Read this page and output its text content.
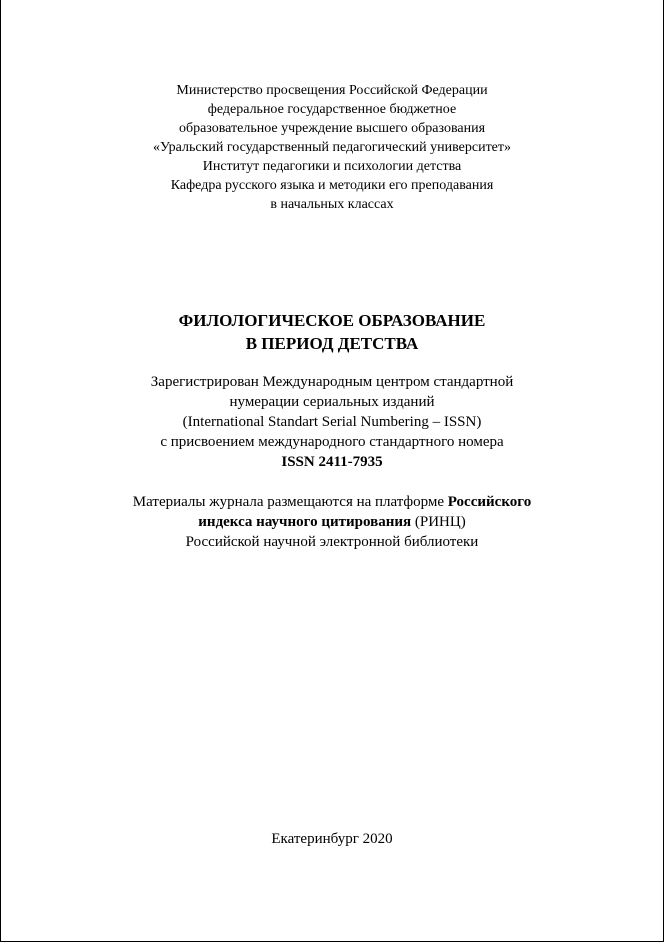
Министерство просвещения Российской Федерации
федеральное государственное бюджетное
образовательное учреждение высшего образования
«Уральский государственный педагогический университет»
Институт педагогики и психологии детства
Кафедра русского языка и методики его преподавания
в начальных классах
ФИЛОЛОГИЧЕСКОЕ ОБРАЗОВАНИЕ
В ПЕРИОД ДЕТСТВА
Зарегистрирован Международным центром стандартной
нумерации сериальных изданий
(International Standart Serial Numbering – ISSN)
с присвоением международного стандартного номера
ISSN 2411-7935
Материалы журнала размещаются на платформе Российского
индекса научного цитирования (РИНЦ)
Российской научной электронной библиотеки
Екатеринбург 2020
